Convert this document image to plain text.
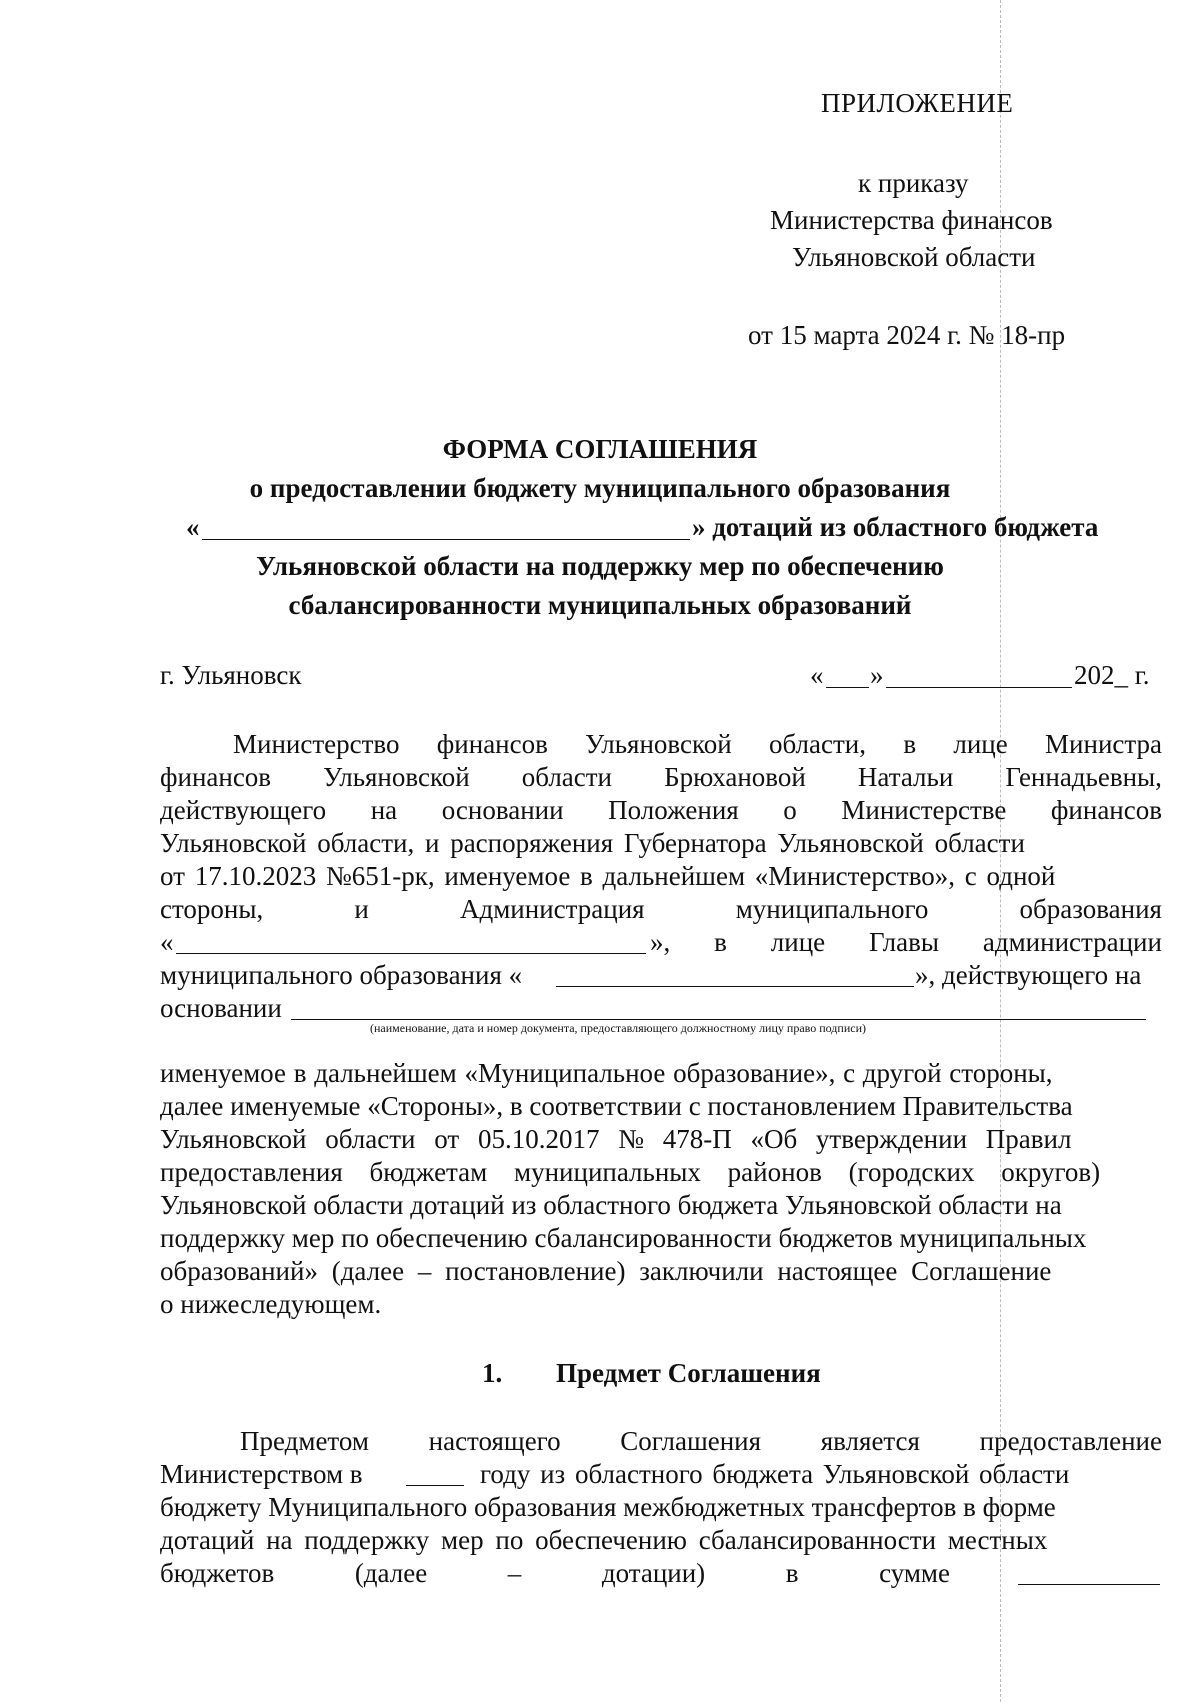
ПРИЛОЖЕНИЕ
к приказу
Министерства финансов
Ульяновской области
от 15 марта 2024 г. № 18-пр
ФОРМА СОГЛАШЕНИЯ
о предоставлении бюджету муниципального образования
«	» дотаций из областного бюджета
Ульяновской области на поддержку мер по обеспечению
сбалансированности муниципальных образований
г. Ульяновск	« »	202_ г.
Министерство финансов Ульяновской области, в лице Министра
финансов Ульяновской области Брюхановой Натальи Геннадьевны,
действующего на основании Положения о Министерстве финансов
Ульяновской области, и распоряжения Губернатора Ульяновской области
от 17.10.2023 №651-рк, именуемое в дальнейшем «Министерство», с одной
стороны,	и	Администрация	муниципального	образования
«	», в лице Главы администрации
муниципального образования «	», действующего на
основании
(наименование, дата и номер документа, предоставляющего должностному лицу право подписи)
именуемое в дальнейшем «Муниципальное образование», с другой стороны,
далее именуемые «Стороны», в соответствии с постановлением Правительства
Ульяновской области от 05.10.2017 № 478-П «Об утверждении Правил
предоставления бюджетам муниципальных районов (городских округов)
Ульяновской области дотаций из областного бюджета Ульяновской области на
поддержку мер по обеспечению сбалансированности бюджетов муниципальных
образований» (далее – постановление) заключили настоящее Соглашение
о нижеследующем.
1. Предмет Соглашения
Предметом настоящего Соглашения является предоставление
Министерством в	году из областного бюджета Ульяновской области
бюджету Муниципального образования межбюджетных трансфертов в форме
дотаций на поддержку мер по обеспечению сбалансированности местных
бюджетов	(далее	–	дотации)	в	сумме
